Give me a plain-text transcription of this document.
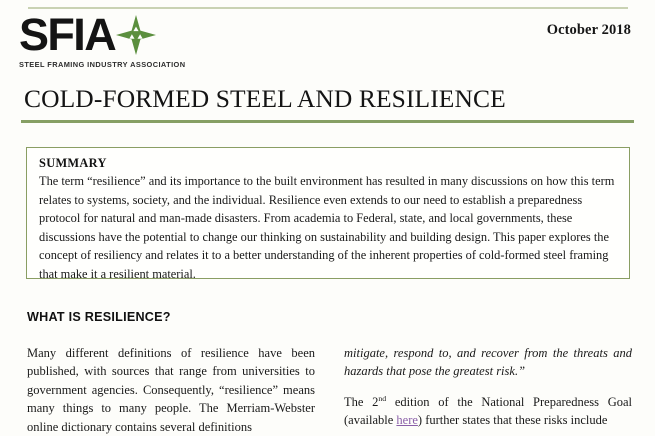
SFIA
STEEL FRAMING INDUSTRY ASSOCIATION
October 2018
COLD-FORMED STEEL AND RESILIENCE
SUMMARY
The term “resilience” and its importance to the built environment has resulted in many discussions on how this term relates to systems, society, and the individual. Resilience even extends to our need to establish a preparedness protocol for natural and man-made disasters. From academia to Federal, state, and local governments, these discussions have the potential to change our thinking on sustainability and building design. This paper explores the concept of resiliency and relates it to a better understanding of the inherent properties of cold-formed steel framing that make it a resilient material.
WHAT IS RESILIENCE?

Many different definitions of resilience have been published, with sources that range from universities to government agencies. Consequently, “resilience” means many things to many people. The Merriam-Webster online dictionary contains several definitions

mitigate, respond to, and recover from the threats and hazards that pose the greatest risk.”

The 2nd edition of the National Preparedness Goal (available here) further states that these risks include
